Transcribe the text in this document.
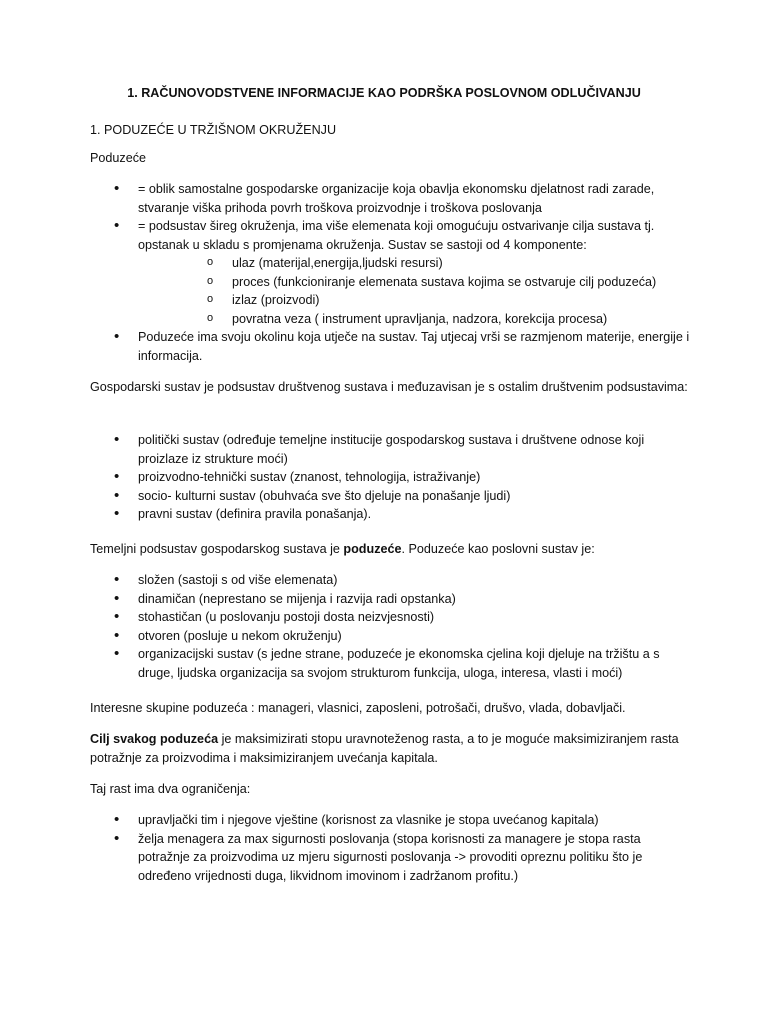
1. RAČUNOVODSTVENE INFORMACIJE KAO PODRŠKA POSLOVNOM ODLUČIVANJU
1. PODUZEĆE U TRŽIŠNOM OKRUŽENJU
Poduzeće
• = oblik samostalne gospodarske organizacije koja obavlja ekonomsku djelatnost radi zarade, stvaranje viška prihoda povrh troškova proizvodnje i troškova poslovanja
• = podsustav šireg okruženja, ima više elemenata koji omogućuju ostvarivanje cilja sustava tj. opstanak u skladu s promjenama okruženja. Sustav se sastoji od 4 komponente:
o ulaz (materijal,energija,ljudski resursi)
o proces (funkcioniranje elemenata sustava kojima se ostvaruje cilj poduzeća)
o izlaz (proizvodi)
o povratna veza ( instrument upravljanja, nadzora, korekcija procesa)
• Poduzeće ima svoju okolinu koja utječe na sustav. Taj utjecaj vrši se razmjenom materije, energije i informacija.
Gospodarski sustav je podsustav društvenog sustava i međuzavisan je s ostalim društvenim podsustavima:
• politički sustav (određuje temeljne institucije gospodarskog sustava i društvene odnose koji proizlaze iz strukture moći)
• proizvodno-tehnički sustav (znanost, tehnologija, istraživanje)
• socio- kulturni sustav (obuhvaća sve što djeluje na ponašanje ljudi)
• pravni sustav (definira pravila ponašanja).
Temeljni podsustav gospodarskog sustava je poduzeće. Poduzeće kao poslovni sustav je:
• složen (sastoji s od više elemenata)
• dinamičan (neprestano se mijenja i razvija radi opstanka)
• stohastičan (u poslovanju postoji dosta neizvjesnosti)
• otvoren (posluje u nekom okruženju)
• organizacijski sustav (s jedne strane, poduzeće je ekonomska cjelina koji djeluje na tržištu a s druge, ljudska organizacija sa svojom strukturom funkcija, uloga, interesa, vlasti i moći)
Interesne skupine poduzeća : manageri, vlasnici, zaposleni, potrošači, drušvo, vlada, dobavljači.
Cilj svakog poduzeća je maksimizirati stopu uravnoteženog rasta, a to je moguće maksimiziranjem rasta potražnje za proizvodima i maksimiziranjem uvećanja kapitala.
Taj rast ima dva ograničenja:
• upravljački tim i njegove vještine (korisnost za vlasnike je stopa uvećanog kapitala)
• želja menagera za max sigurnosti poslovanja (stopa korisnosti za managere je stopa rasta potražnje za proizvodima uz mjeru sigurnosti poslovanja -> provoditi opreznu politiku što je određeno vrijednosti duga, likvidnom imovinom i zadržanom profitu.)
